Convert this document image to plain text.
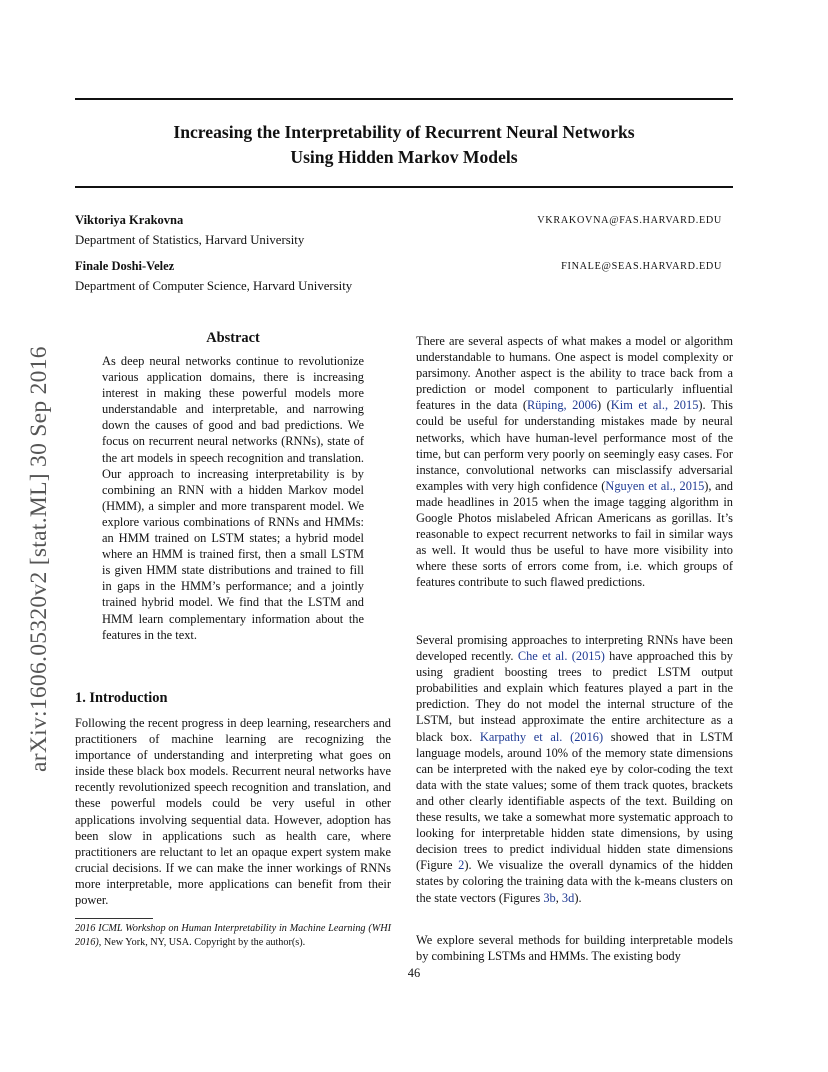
arXiv:1606.05320v2 [stat.ML] 30 Sep 2016
Increasing the Interpretability of Recurrent Neural Networks
Using Hidden Markov Models
Viktoriya Krakovna	VKRAKOVNA@FAS.HARVARD.EDU
Department of Statistics, Harvard University
Finale Doshi-Velez	FINALE@SEAS.HARVARD.EDU
Department of Computer Science, Harvard University
Abstract
As deep neural networks continue to revolutionize various application domains, there is increasing interest in making these powerful models more understandable and interpretable, and narrowing down the causes of good and bad predictions. We focus on recurrent neural networks (RNNs), state of the art models in speech recognition and translation. Our approach to increasing interpretability is by combining an RNN with a hidden Markov model (HMM), a simpler and more transparent model. We explore various combinations of RNNs and HMMs: an HMM trained on LSTM states; a hybrid model where an HMM is trained first, then a small LSTM is given HMM state distributions and trained to fill in gaps in the HMM’s performance; and a jointly trained hybrid model. We find that the LSTM and HMM learn complementary information about the features in the text.
1. Introduction
Following the recent progress in deep learning, researchers and practitioners of machine learning are recognizing the importance of understanding and interpreting what goes on inside these black box models. Recurrent neural networks have recently revolutionized speech recognition and translation, and these powerful models could be very useful in other applications involving sequential data. However, adoption has been slow in applications such as health care, where practitioners are reluctant to let an opaque expert system make crucial decisions. If we can make the inner workings of RNNs more interpretable, more applications can benefit from their power.
2016 ICML Workshop on Human Interpretability in Machine Learning (WHI 2016), New York, NY, USA. Copyright by the author(s).
There are several aspects of what makes a model or algorithm understandable to humans. One aspect is model complexity or parsimony. Another aspect is the ability to trace back from a prediction or model component to particularly influential features in the data (Rüping, 2006) (Kim et al., 2015). This could be useful for understanding mistakes made by neural networks, which have human-level performance most of the time, but can perform very poorly on seemingly easy cases. For instance, convolutional networks can misclassify adversarial examples with very high confidence (Nguyen et al., 2015), and made headlines in 2015 when the image tagging algorithm in Google Photos mislabeled African Americans as gorillas. It’s reasonable to expect recurrent networks to fail in similar ways as well. It would thus be useful to have more visibility into where these sorts of errors come from, i.e. which groups of features contribute to such flawed predictions.
Several promising approaches to interpreting RNNs have been developed recently. Che et al. (2015) have approached this by using gradient boosting trees to predict LSTM output probabilities and explain which features played a part in the prediction. They do not model the internal structure of the LSTM, but instead approximate the entire architecture as a black box. Karpathy et al. (2016) showed that in LSTM language models, around 10% of the memory state dimensions can be interpreted with the naked eye by color-coding the text data with the state values; some of them track quotes, brackets and other clearly identifiable aspects of the text. Building on these results, we take a somewhat more systematic approach to looking for interpretable hidden state dimensions, by using decision trees to predict individual hidden state dimensions (Figure 2). We visualize the overall dynamics of the hidden states by coloring the training data with the k-means clusters on the state vectors (Figures 3b, 3d).
We explore several methods for building interpretable models by combining LSTMs and HMMs. The existing body
46
